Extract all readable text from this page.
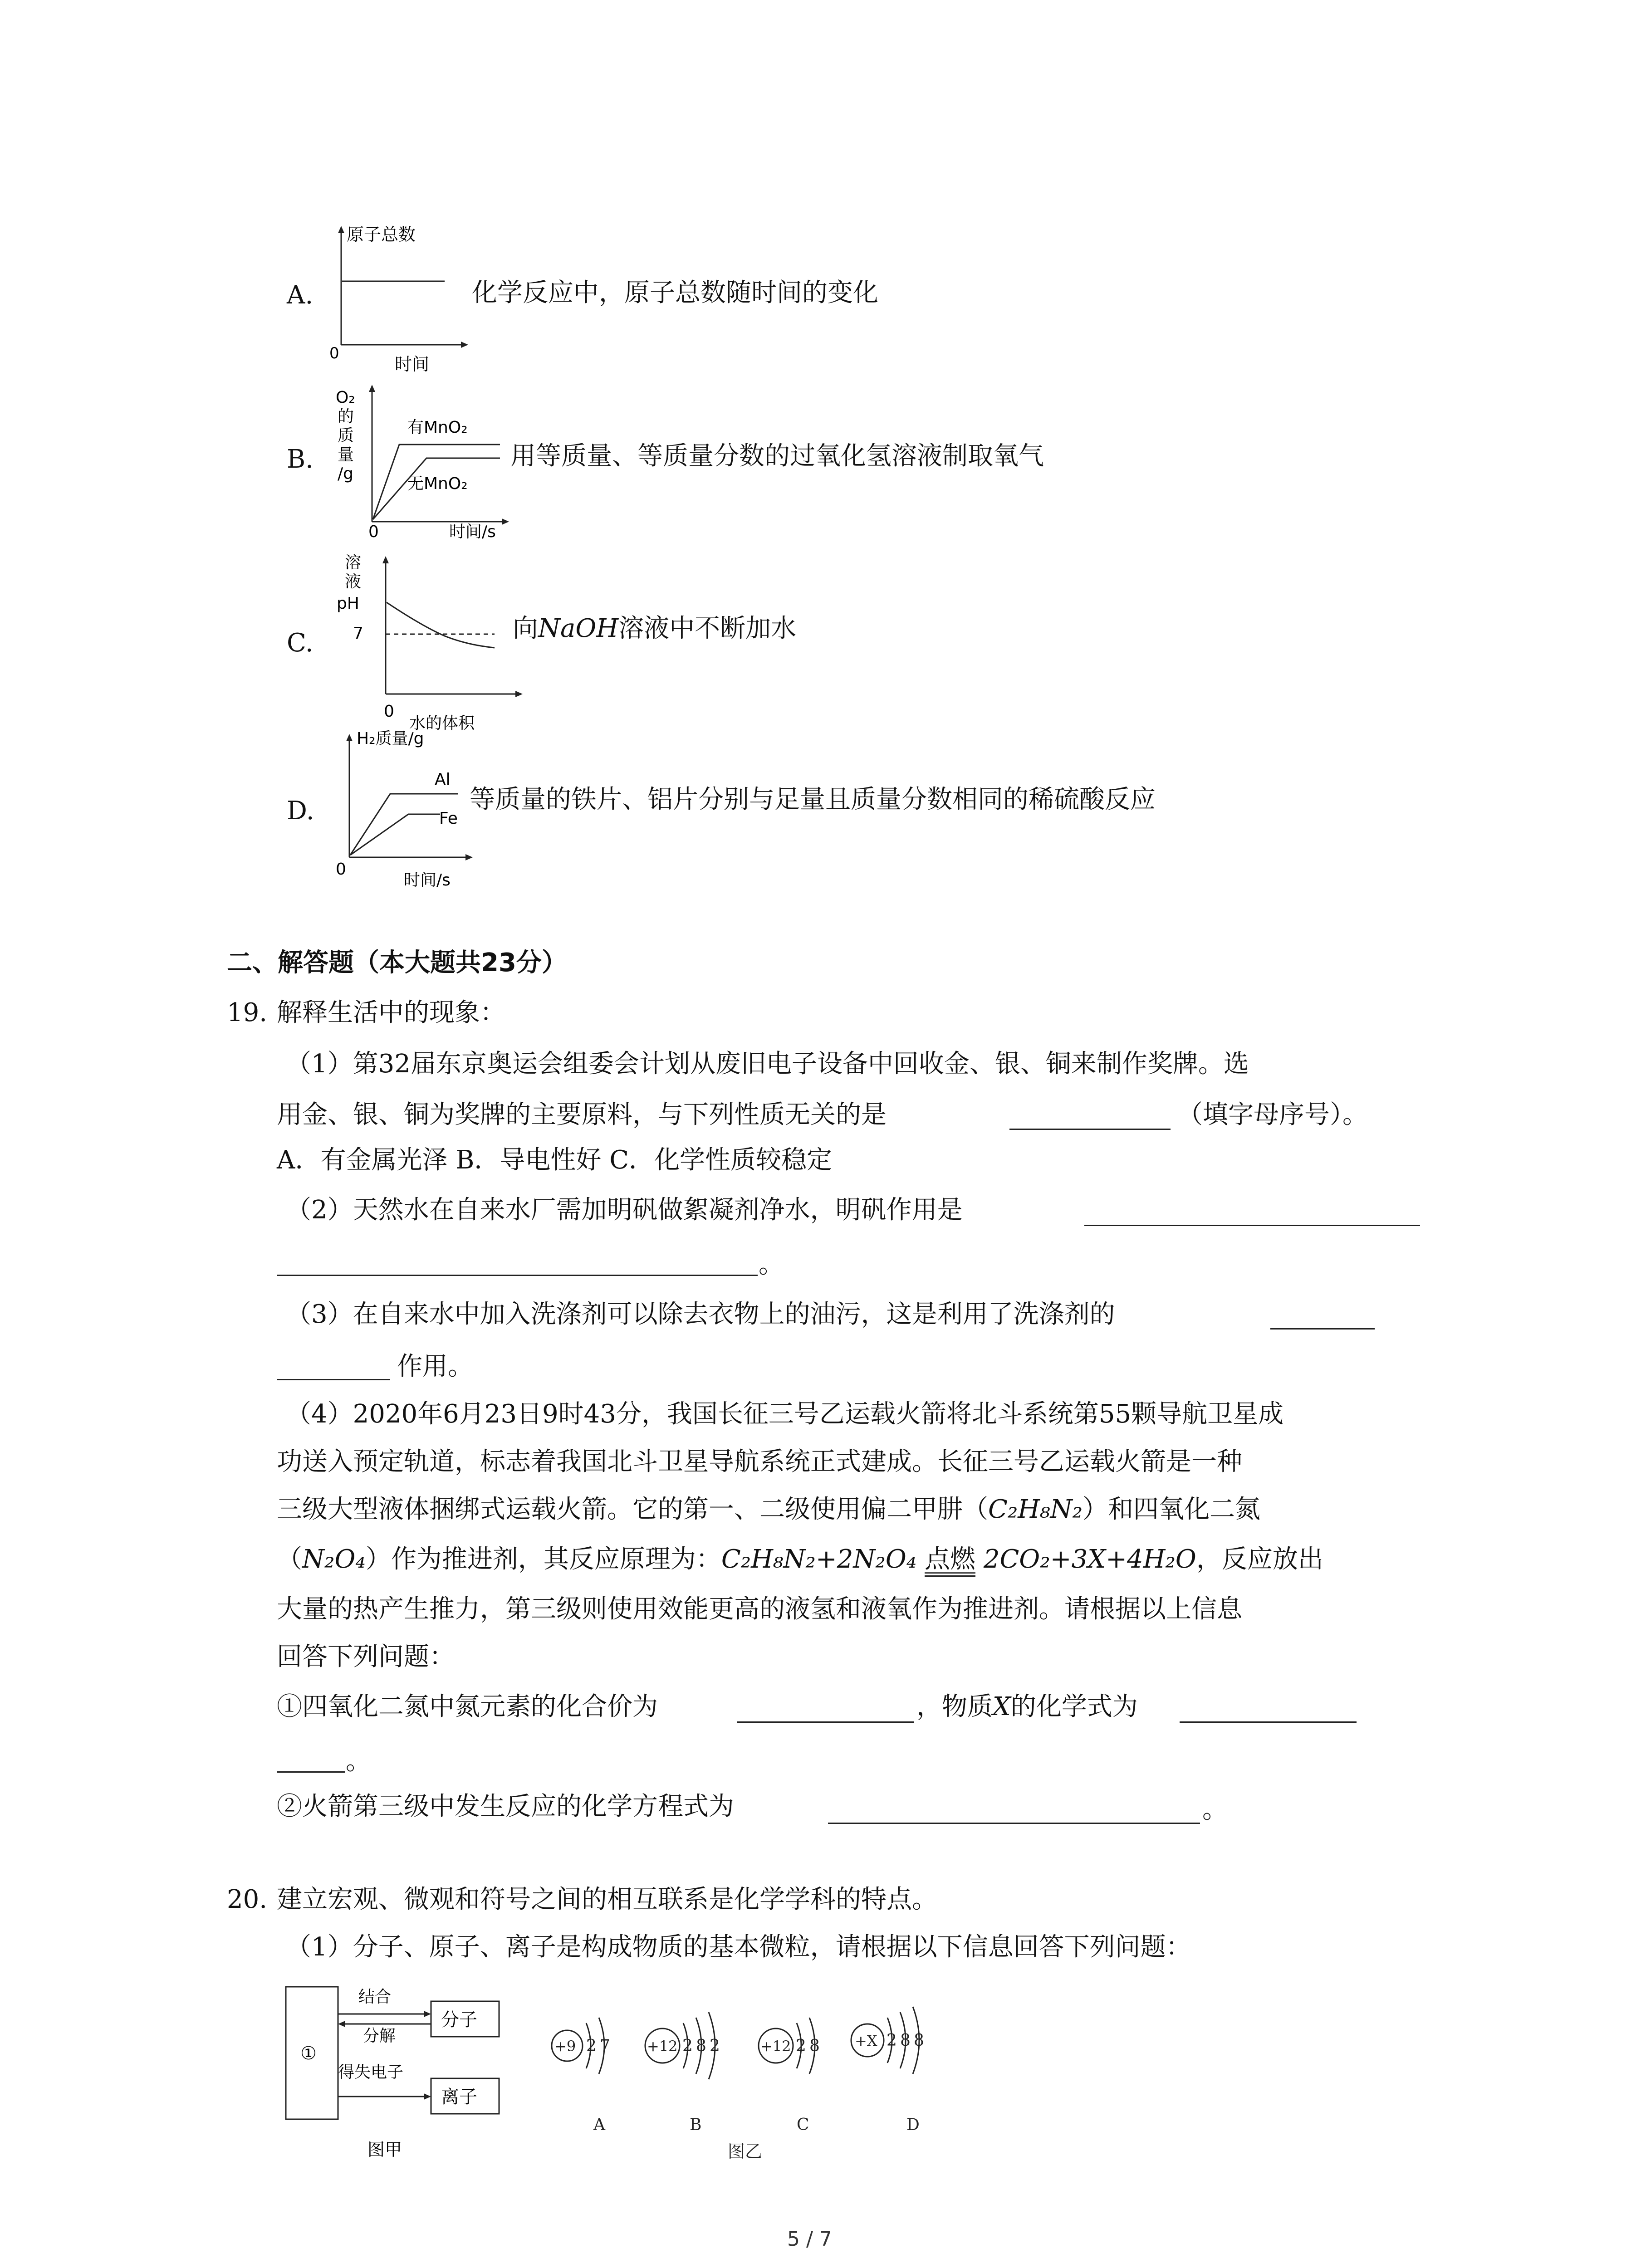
A.
原子总数
0
时间
化学反应中，原子总数随时间的变化
B.
O₂
的
质
量
/g
0	时间/s
有MnO₂
无MnO₂
用等质量、等质量分数的过氧化氢溶液制取氧气
C.
溶
液
pH
7
0
水的体积
向NaOH溶液中不断加水
D.
H₂质量/g
Al
Fe
0
时间/s
等质量的铁片、铝片分别与足量且质量分数相同的稀硫酸反应
二、解答题（本大题共23分）
19. 解释生活中的现象：
（1）第32届东京奥运会组委会计划从废旧电子设备中回收金、银、铜来制作奖牌。选
用金、银、铜为奖牌的主要原料，与下列性质无关的是	（填字母序号）。
A．有金属光泽 B．导电性好 C．化学性质较稳定
（2）天然水在自来水厂需加明矾做絮凝剂净水，明矾作用是
。
（3）在自来水中加入洗涤剂可以除去衣物上的油污，这是利用了洗涤剂的
作用。
（4）2020年6月23日9时43分，我国长征三号乙运载火箭将北斗系统第55颗导航卫星成
功送入预定轨道，标志着我国北斗卫星导航系统正式建成。长征三号乙运载火箭是一种
三级大型液体捆绑式运载火箭。它的第一、二级使用偏二甲肼（C₂H₈N₂）和四氧化二氮
（N₂O₄）作为推进剂，其反应原理为：C₂H₈N₂+2N₂O₄ 点燃 2CO₂+3X+4H₂O，反应放出
大量的热产生推力，第三级则使用效能更高的液氢和液氧作为推进剂。请根据以上信息
回答下列问题：
①四氧化二氮中氮元素的化合价为	，物质X的化学式为
。
②火箭第三级中发生反应的化学方程式为	。
20. 建立宏观、微观和符号之间的相互联系是化学学科的特点。
（1）分子、原子、离子是构成物质的基本微粒，请根据以下信息回答下列问题：
①
分子
离子
结合
分解
得失电子
图甲
+9 2 7
A
+12 2 8 2
B
+12 2 8
C
+X 2 8 8
D
图乙
5 / 7
